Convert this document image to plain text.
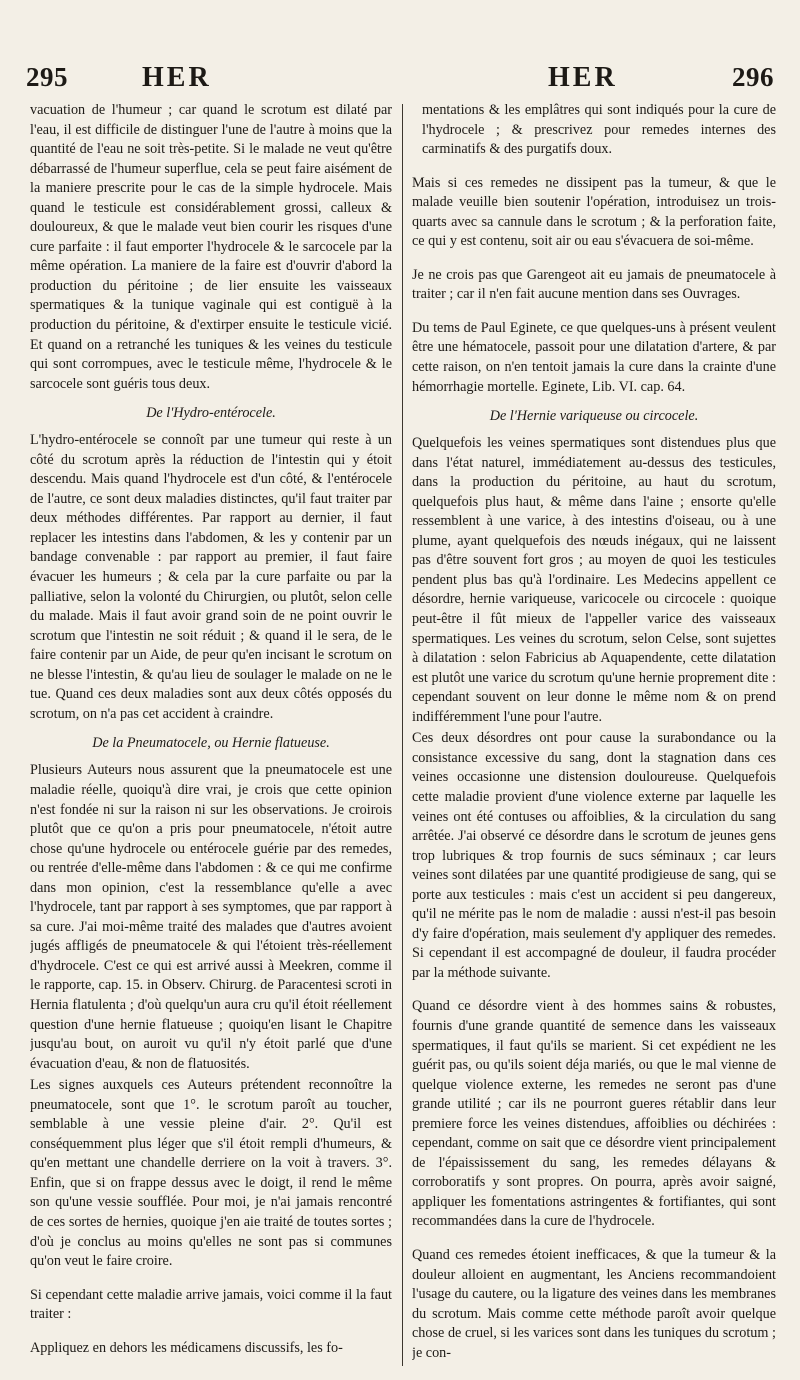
295	HER	HER	296

vacuation de l'humeur ; car quand le scrotum est dilaté par l'eau, il est difficile de distinguer l'une de l'autre à moins que la quantité de l'eau ne soit très-petite. Si le malade ne veut qu'être débarrassé de l'humeur superflue, cela se peut faire aisément de la maniere prescrite pour le cas de la simple hydrocele. Mais quand le testicule est considérablement grossi, calleux & douloureux, & que le malade veut bien courir les risques d'une cure parfaite : il faut emporter l'hydrocele & le sarcocele par la même opération. La maniere de la faire est d'ouvrir d'abord la production du péritoine ; de lier ensuite les vaisseaux spermatiques & la tunique vaginale qui est contiguë à la production du péritoine, & d'extirper ensuite le testicule vicié. Et quand on a retranché les tuniques & les veines du testicule qui sont corrompues, avec le testicule même, l'hydrocele & le sarcocele sont guéris tous deux.

De l'Hydro-entérocele.

L'hydro-entérocele se connoît par une tumeur qui reste à un côté du scrotum après la réduction de l'intestin qui y étoit descendu. Mais quand l'hydrocele est d'un côté, & l'entérocele de l'autre, ce sont deux maladies distinctes, qu'il faut traiter par deux méthodes différentes. Par rapport au dernier, il faut replacer les intestins dans l'abdomen, & les y contenir par un bandage convenable : par rapport au premier, il faut faire évacuer les humeurs ; & cela par la cure parfaite ou par la palliative, selon la volonté du Chirurgien, ou plutôt, selon celle du malade. Mais il faut avoir grand soin de ne point ouvrir le scrotum que l'intestin ne soit réduit ; & quand il le sera, de le faire contenir par un Aide, de peur qu'en incisant le scrotum on ne blesse l'intestin, & qu'au lieu de soulager le malade on ne le tue. Quand ces deux maladies sont aux deux côtés opposés du scrotum, on n'a pas cet accident à craindre.

De la Pneumatocele, ou Hernie flatueuse.

Plusieurs Auteurs nous assurent que la pneumatocele est une maladie réelle, quoiqu'à dire vrai, je crois que cette opinion n'est fondée ni sur la raison ni sur les observations. Je croirois plutôt que ce qu'on a pris pour pneumatocele, n'étoit autre chose qu'une hydrocele ou entérocele guérie par des remedes, ou rentrée d'elle-même dans l'abdomen : & ce qui me confirme dans mon opinion, c'est la ressemblance qu'elle a avec l'hydrocele, tant par rapport à ses symptomes, que par rapport à sa cure. J'ai moi-même traité des malades que d'autres avoient jugés affligés de pneumatocele & qui l'étoient très-réellement d'hydrocele. C'est ce qui est arrivé aussi à Meekren, comme il le rapporte, cap. 15. in Observ. Chirurg. de Paracentesi scroti in Hernia flatulenta ; d'où quelqu'un aura cru qu'il étoit réellement question d'une hernie flatueuse ; quoiqu'en lisant le Chapitre jusqu'au bout, on auroit vu qu'il n'y étoit parlé que d'une évacuation d'eau, & non de flatuosités.

Les signes auxquels ces Auteurs prétendent reconnoître la pneumatocele, sont que 1°. le scrotum paroît au toucher, semblable à une vessie pleine d'air. 2°. Qu'il est conséquemment plus léger que s'il étoit rempli d'humeurs, & qu'en mettant une chandelle derriere on la voit à travers. 3°. Enfin, que si on frappe dessus avec le doigt, il rend le même son qu'une vessie soufflée. Pour moi, je n'ai jamais rencontré de ces sortes de hernies, quoique j'en aie traité de toutes sortes ; d'où je conclus au moins qu'elles ne sont pas si communes qu'on veut le faire croire.

Si cependant cette maladie arrive jamais, voici comme il la faut traiter :

Appliquez en dehors les médicamens discussifs, les fo-

mentations & les emplâtres qui sont indiqués pour la cure de l'hydrocele ; & prescrivez pour remedes internes des carminatifs & des purgatifs doux.

Mais si ces remedes ne dissipent pas la tumeur, & que le malade veuille bien soutenir l'opération, introduisez un trois-quarts avec sa cannule dans le scrotum ; & la perforation faite, ce qui y est contenu, soit air ou eau s'évacuera de soi-même.

Je ne crois pas que Garengeot ait eu jamais de pneumatocele à traiter ; car il n'en fait aucune mention dans ses Ouvrages.

Du tems de Paul Eginete, ce que quelques-uns à présent veulent être une hématocele, passoit pour une dilatation d'artere, & par cette raison, on n'en tentoit jamais la cure dans la crainte d'une hémorrhagie mortelle. Eginete, Lib. VI. cap. 64.

De l'Hernie variqueuse ou circocele.

Quelquefois les veines spermatiques sont distendues plus que dans l'état naturel, immédiatement au-dessus des testicules, dans la production du péritoine, au haut du scrotum, quelquefois plus haut, & même dans l'aine ; ensorte qu'elle ressemblent à une varice, à des intestins d'oiseau, ou à une plume, ayant quelquefois des nœuds inégaux, qui ne laissent pas d'être souvent fort gros ; au moyen de quoi les testicules pendent plus bas qu'à l'ordinaire. Les Medecins appellent ce désordre, hernie variqueuse, varicocele ou circocele : quoique peut-être il fût mieux de l'appeller varice des vaisseaux spermatiques. Les veines du scrotum, selon Celse, sont sujettes à dilatation : selon Fabricius ab Aquapendente, cette dilatation est plutôt une varice du scrotum qu'une hernie proprement dite : cependant souvent on leur donne le même nom & on prend indifféremment l'une pour l'autre.

Ces deux désordres ont pour cause la surabondance ou la consistance excessive du sang, dont la stagnation dans ces veines occasionne une distension douloureuse. Quelquefois cette maladie provient d'une violence externe par laquelle les veines ont été contuses ou affoiblies, & la circulation du sang arrêtée. J'ai observé ce désordre dans le scrotum de jeunes gens trop lubriques & trop fournis de sucs séminaux ; car leurs veines sont dilatées par une quantité prodigieuse de sang, qui se porte aux testicules : mais c'est un accident si peu dangereux, qu'il ne mérite pas le nom de maladie : aussi n'est-il pas besoin d'y faire d'opération, mais seulement d'y appliquer des remedes. Si cependant il est accompagné de douleur, il faudra procéder par la méthode suivante.

Quand ce désordre vient à des hommes sains & robustes, fournis d'une grande quantité de semence dans les vaisseaux spermatiques, il faut qu'ils se marient. Si cet expédient ne les guérit pas, ou qu'ils soient déja mariés, ou que le mal vienne de quelque violence externe, les remedes ne seront pas d'une grande utilité ; car ils ne pourront gueres rétablir dans leur premiere force les veines distendues, affoiblies ou déchirées : cependant, comme on sait que ce désordre vient principalement de l'épaississement du sang, les remedes délayans & corroboratifs y sont propres. On pourra, après avoir saigné, appliquer les fomentations astringentes & fortifiantes, qui sont recommandées dans la cure de l'hydrocele.

Quand ces remedes étoient inefficaces, & que la tumeur & la douleur alloient en augmentant, les Anciens recommandoient l'usage du cautere, ou la ligature des veines dans les membranes du scrotum. Mais comme cette méthode paroît avoir quelque chose de cruel, si les varices sont dans les tuniques du scrotum ; je con-
